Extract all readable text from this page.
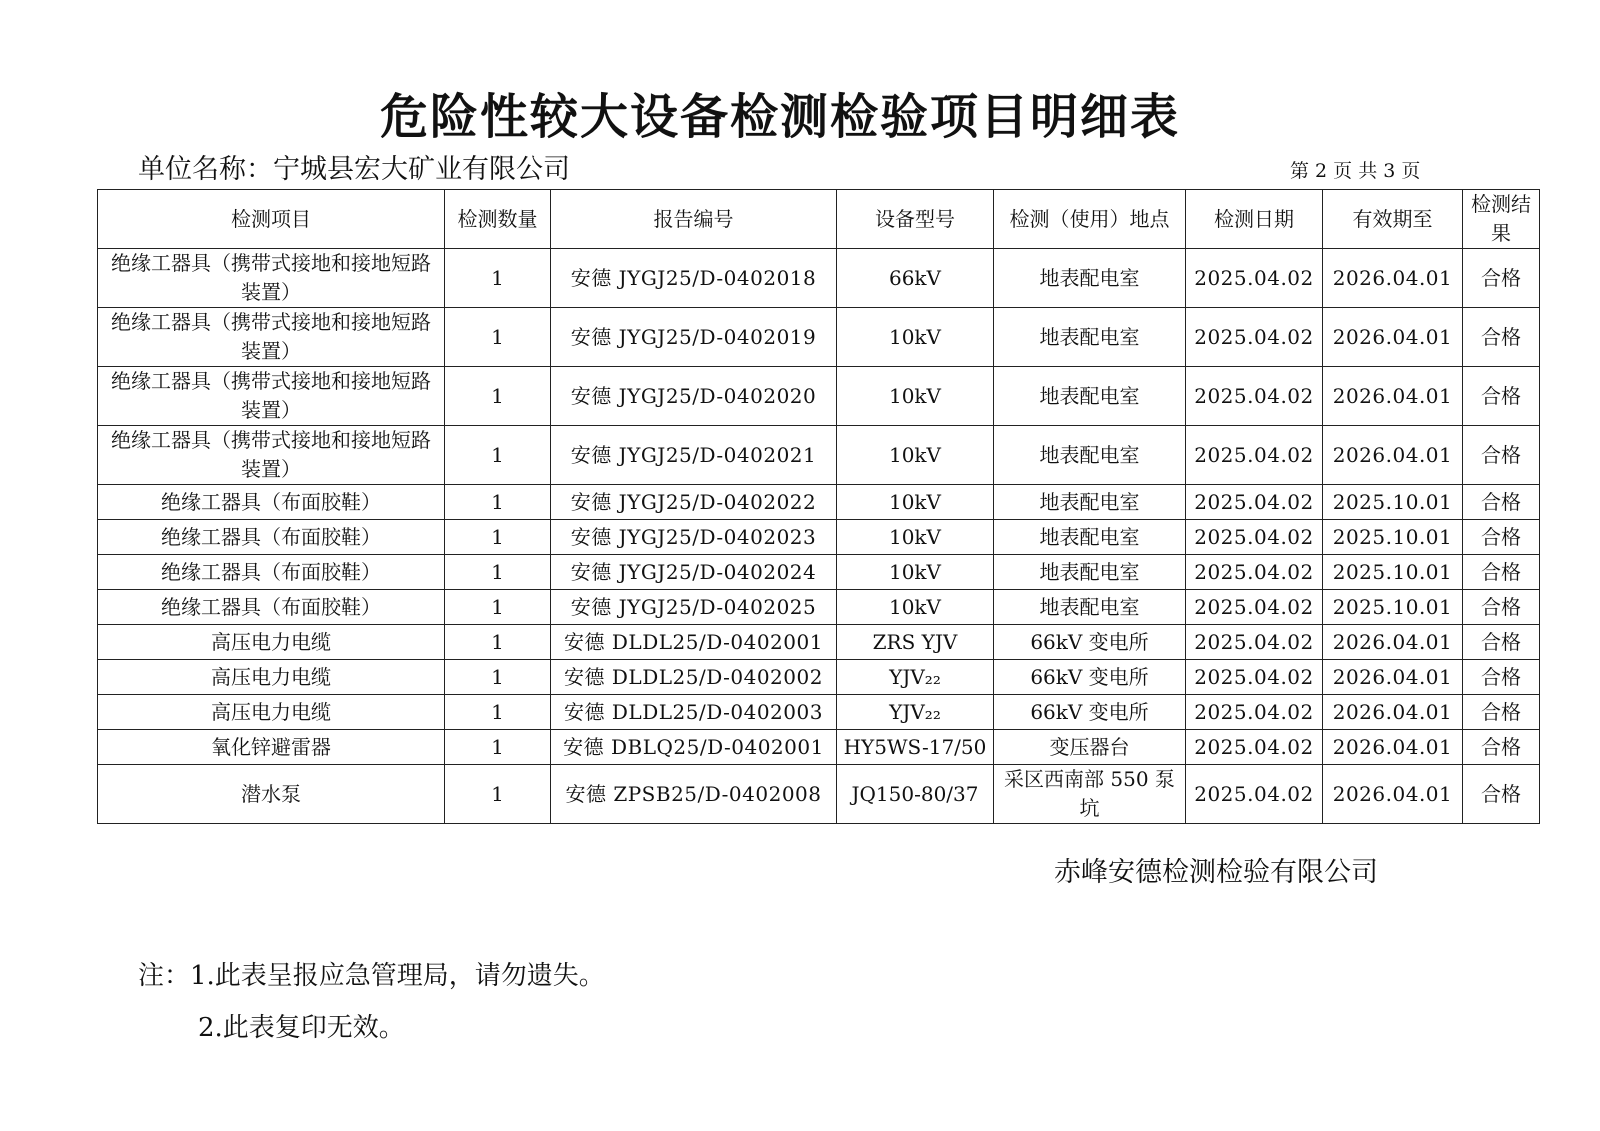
危险性较大设备检测检验项目明细表
单位名称：宁城县宏大矿业有限公司	第 2 页 共 3 页
检测项目	检测数量	报告编号	设备型号	检测（使用）地点	检测日期	有效期至	检测结果
绝缘工器具（携带式接地和接地短路装置）	1	安德 JYGJ25/D-0402018	66kV	地表配电室	2025.04.02	2026.04.01	合格
绝缘工器具（携带式接地和接地短路装置）	1	安德 JYGJ25/D-0402019	10kV	地表配电室	2025.04.02	2026.04.01	合格
绝缘工器具（携带式接地和接地短路装置）	1	安德 JYGJ25/D-0402020	10kV	地表配电室	2025.04.02	2026.04.01	合格
绝缘工器具（携带式接地和接地短路装置）	1	安德 JYGJ25/D-0402021	10kV	地表配电室	2025.04.02	2026.04.01	合格
绝缘工器具（布面胶鞋）	1	安德 JYGJ25/D-0402022	10kV	地表配电室	2025.04.02	2025.10.01	合格
绝缘工器具（布面胶鞋）	1	安德 JYGJ25/D-0402023	10kV	地表配电室	2025.04.02	2025.10.01	合格
绝缘工器具（布面胶鞋）	1	安德 JYGJ25/D-0402024	10kV	地表配电室	2025.04.02	2025.10.01	合格
绝缘工器具（布面胶鞋）	1	安德 JYGJ25/D-0402025	10kV	地表配电室	2025.04.02	2025.10.01	合格
高压电力电缆	1	安德 DLDL25/D-0402001	ZRS YJV	66kV 变电所	2025.04.02	2026.04.01	合格
高压电力电缆	1	安德 DLDL25/D-0402002	YJV₂₂	66kV 变电所	2025.04.02	2026.04.01	合格
高压电力电缆	1	安德 DLDL25/D-0402003	YJV₂₂	66kV 变电所	2025.04.02	2026.04.01	合格
氧化锌避雷器	1	安德 DBLQ25/D-0402001	HY5WS-17/50	变压器台	2025.04.02	2026.04.01	合格
潜水泵	1	安德 ZPSB25/D-0402008	JQ150-80/37	采区西南部 550 泵坑	2025.04.02	2026.04.01	合格
赤峰安德检测检验有限公司
注：1.此表呈报应急管理局，请勿遗失。
2.此表复印无效。
